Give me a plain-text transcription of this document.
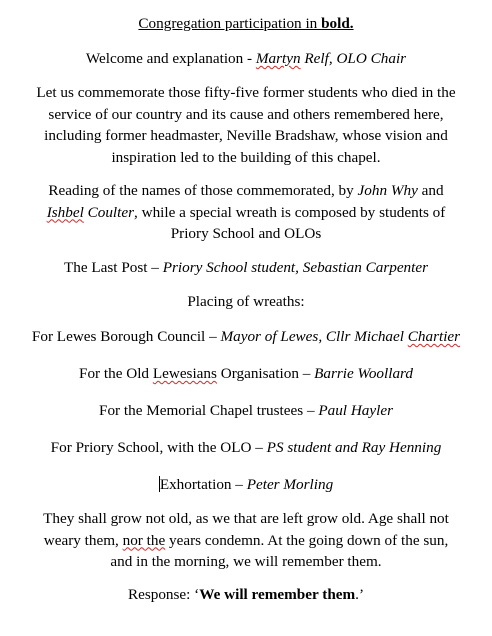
Congregation participation in bold.
Welcome and explanation - Martyn Relf, OLO Chair
Let us commemorate those fifty-five former students who died in the
service of our country and its cause and others remembered here,
including former headmaster, Neville Bradshaw, whose vision and
inspiration led to the building of this chapel.
Reading of the names of those commemorated, by John Why and
Ishbel Coulter, while a special wreath is composed by students of
Priory School and OLOs
The Last Post – Priory School student, Sebastian Carpenter
Placing of wreaths:
For Lewes Borough Council – Mayor of Lewes, Cllr Michael Chartier
For the Old Lewesians Organisation – Barrie Woollard
For the Memorial Chapel trustees – Paul Hayler
For Priory School, with the OLO – PS student and Ray Henning
Exhortation – Peter Morling
They shall grow not old, as we that are left grow old. Age shall not
weary them, nor the years condemn. At the going down of the sun,
and in the morning, we will remember them.
Response: ‘We will remember them.’
